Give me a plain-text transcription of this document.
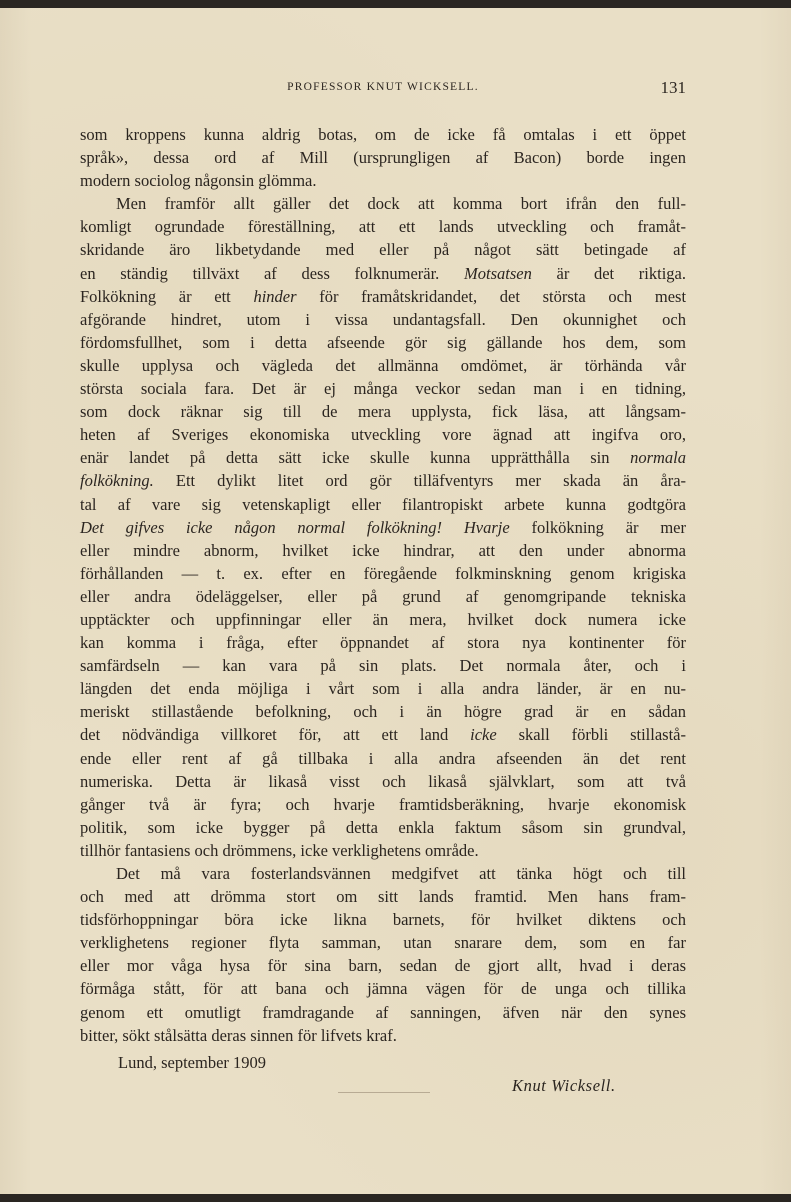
PROFESSOR KNUT WICKSELL.	131
som kroppens kunna aldrig botas, om de icke få omtalas i ett öppet
språk», dessa ord af Mill (ursprungligen af Bacon) borde ingen
modern sociolog någonsin glömma.
Men framför allt gäller det dock att komma bort ifrån den full-
komligt ogrundade föreställning, att ett lands utveckling och framåt-
skridande äro likbetydande med eller på något sätt betingade af
en ständig tillväxt af dess folknumerär. Motsatsen är det riktiga.
Folkökning är ett hinder för framåtskridandet, det största och mest
afgörande hindret, utom i vissa undantagsfall. Den okunnighet och
fördomsfullhet, som i detta afseende gör sig gällande hos dem, som
skulle upplysa och vägleda det allmänna omdömet, är törhända vår
största sociala fara. Det är ej många veckor sedan man i en tidning,
som dock räknar sig till de mera upplysta, fick läsa, att långsam-
heten af Sveriges ekonomiska utveckling vore ägnad att ingifva oro,
enär landet på detta sätt icke skulle kunna upprätthålla sin normala
folkökning. Ett dylikt litet ord gör tilläfventyrs mer skada än åra-
tal af vare sig vetenskapligt eller filantropiskt arbete kunna godtgöra
Det gifves icke någon normal folkökning! Hvarje folkökning är mer
eller mindre abnorm, hvilket icke hindrar, att den under abnorma
förhållanden — t. ex. efter en föregående folkminskning genom krigiska
eller andra ödeläggelser, eller på grund af genomgripande tekniska
upptäckter och uppfinningar eller än mera, hvilket dock numera icke
kan komma i fråga, efter öppnandet af stora nya kontinenter för
samfärdseln — kan vara på sin plats. Det normala åter, och i
längden det enda möjliga i vårt som i alla andra länder, är en nu-
meriskt stillastående befolkning, och i än högre grad är en sådan
det nödvändiga villkoret för, att ett land icke skall förbli stillastå-
ende eller rent af gå tillbaka i alla andra afseenden än det rent
numeriska. Detta är likaså visst och likaså självklart, som att två
gånger två är fyra; och hvarje framtidsberäkning, hvarje ekonomisk
politik, som icke bygger på detta enkla faktum såsom sin grundval,
tillhör fantasiens och drömmens, icke verklighetens område.
Det må vara fosterlandsvännen medgifvet att tänka högt och till
och med att drömma stort om sitt lands framtid. Men hans fram-
tidsförhoppningar böra icke likna barnets, för hvilket diktens och
verklighetens regioner flyta samman, utan snarare dem, som en far
eller mor våga hysa för sina barn, sedan de gjort allt, hvad i deras
förmåga stått, för att bana och jämna vägen för de unga och tillika
genom ett omutligt framdragande af sanningen, äfven när den synes
bitter, sökt stålsätta deras sinnen för lifvets kraf.
Lund, september 1909
Knut Wicksell.
